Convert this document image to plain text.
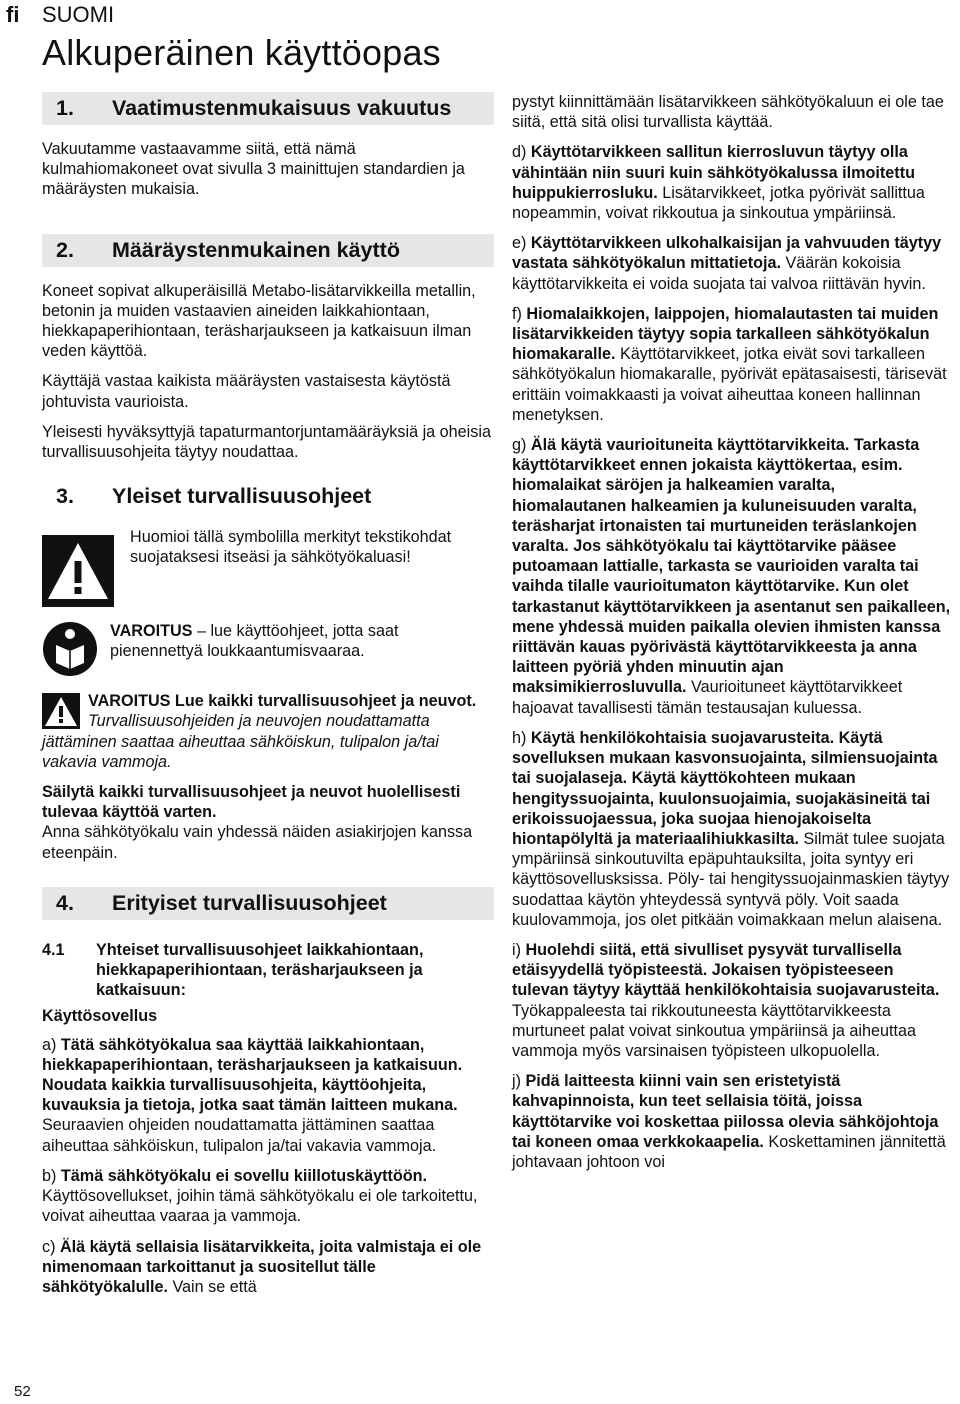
fi SUOMI
Alkuperäinen käyttöopas
1.	Vaatimustenmukaisuus vakuutus

Vakuutamme vastaavamme siitä, että nämä kulmahiomakoneet ovat sivulla 3 mainittujen standardien ja määräysten mukaisia.

2.	Määräystenmukainen käyttö

Koneet sopivat alkuperäisillä Metabo-lisätarvikkeilla metallin, betonin ja muiden vastaavien aineiden laikkahiontaan, hiekkapaperihiontaan, teräsharjaukseen ja katkaisuun ilman veden käyttöä.

Käyttäjä vastaa kaikista määräysten vastaisesta käytöstä johtuvista vaurioista.

Yleisesti hyväksyttyjä tapaturmantorjuntamääräyksiä ja oheisia turvallisuusohjeita täytyy noudattaa.

3.	Yleiset turvallisuusohjeet
Huomioi tällä symbolilla merkityt tekstikohdat suojataksesi itseäsi ja sähkötyökaluasi!
VAROITUS – lue käyttöohjeet, jotta saat pienennettyä loukkaantumisvaaraa.

VAROITUS Lue kaikki turvallisuusohjeet ja neuvot. Turvallisuusohjeiden ja neuvojen noudattamatta jättäminen saattaa aiheuttaa sähköiskun, tulipalon ja/tai vakavia vammoja.

Säilytä kaikki turvallisuusohjeet ja neuvot huolellisesti tulevaa käyttöä varten.

Anna sähkötyökalu vain yhdessä näiden asiakirjojen kanssa eteenpäin.

4.	Erityiset turvallisuusohjeet
4.1	Yhteiset turvallisuusohjeet laikkahiontaan, hiekkapaperihiontaan, teräsharjaukseen ja katkaisuun:
Käyttösovellus

a) Tätä sähkötyökalua saa käyttää laikkahiontaan, hiekkapaperihiontaan, teräsharjaukseen ja katkaisuun. Noudata kaikkia turvallisuusohjeita, käyttöohjeita, kuvauksia ja tietoja, jotka saat tämän laitteen mukana. Seuraavien ohjeiden noudattamatta jättäminen saattaa aiheuttaa sähköiskun, tulipalon ja/tai vakavia vammoja.

b) Tämä sähkötyökalu ei sovellu kiillotuskäyttöön. Käyttösovellukset, joihin tämä sähkötyökalu ei ole tarkoitettu, voivat aiheuttaa vaaraa ja vammoja.

c) Älä käytä sellaisia lisätarvikkeita, joita valmistaja ei ole nimenomaan tarkoittanut ja suositellut tälle sähkötyökalulle. Vain se että

pystyt kiinnittämään lisätarvikkeen sähkötyökaluun ei ole tae siitä, että sitä olisi turvallista käyttää.

d) Käyttötarvikkeen sallitun kierrosluvun täytyy olla vähintään niin suuri kuin sähkötyökalussa ilmoitettu huippukierrosluku. Lisätarvikkeet, jotka pyörivät sallittua nopeammin, voivat rikkoutua ja sinkoutua ympäriinsä.

e) Käyttötarvikkeen ulkohalkaisijan ja vahvuuden täytyy vastata sähkötyökalun mittatietoja. Väärän kokoisia käyttötarvikkeita ei voida suojata tai valvoa riittävän hyvin.

f) Hiomalaikkojen, laippojen, hiomalautasten tai muiden lisätarvikkeiden täytyy sopia tarkalleen sähkötyökalun hiomakaralle. Käyttötarvikkeet, jotka eivät sovi tarkalleen sähkötyökalun hiomakaralle, pyörivät epätasaisesti, tärisevät erittäin voimakkaasti ja voivat aiheuttaa koneen hallinnan menetyksen.

g) Älä käytä vaurioituneita käyttötarvikkeita. Tarkasta käyttötarvikkeet ennen jokaista käyttökertaa, esim. hiomalaikat säröjen ja halkeamien varalta, hiomalautanen halkeamien ja kuluneisuuden varalta, teräsharjat irtonaisten tai murtuneiden teräslankojen varalta. Jos sähkötyökalu tai käyttötarvike pääsee putoamaan lattialle, tarkasta se vaurioiden varalta tai vaihda tilalle vaurioitumaton käyttötarvike. Kun olet tarkastanut käyttötarvikkeen ja asentanut sen paikalleen, mene yhdessä muiden paikalla olevien ihmisten kanssa riittävän kauas pyörivästä käyttötarvikkeesta ja anna laitteen pyöriä yhden minuutin ajan maksimikierrosluvulla. Vaurioituneet käyttötarvikkeet hajoavat tavallisesti tämän testausajan kuluessa.

h) Käytä henkilökohtaisia suojavarusteita. Käytä sovelluksen mukaan kasvonsuojainta, silmiensuojainta tai suojalaseja. Käytä käyttökohteen mukaan hengityssuojainta, kuulonsuojaimia, suojakäsineitä tai erikoissuojaessua, joka suojaa hienojakoiselta hiontapölyltä ja materiaalihiukkasilta. Silmät tulee suojata ympäriinsä sinkoutuvilta epäpuhtauksilta, joita syntyy eri käyttösovellusksissa. Pöly- tai hengityssuojainmaskien täytyy suodattaa käytön yhteydessä syntyvä pöly. Voit saada kuulovammoja, jos olet pitkään voimakkaan melun alaisena.

i) Huolehdi siitä, että sivulliset pysyvät turvallisella etäisyydellä työpisteestä. Jokaisen työpisteeseen tulevan täytyy käyttää henkilökohtaisia suojavarusteita. Työkappaleesta tai rikkoutuneesta käyttötarvikkeesta murtuneet palat voivat sinkoutua ympäriinsä ja aiheuttaa vammoja myös varsinaisen työpisteen ulkopuolella.

j) Pidä laitteesta kiinni vain sen eristetyistä kahvapinnoista, kun teet sellaisia töitä, joissa käyttötarvike voi koskettaa piilossa olevia sähköjohtoja tai koneen omaa verkkokaapelia. Koskettaminen jännitettä johtavaan johtoon voi

52
